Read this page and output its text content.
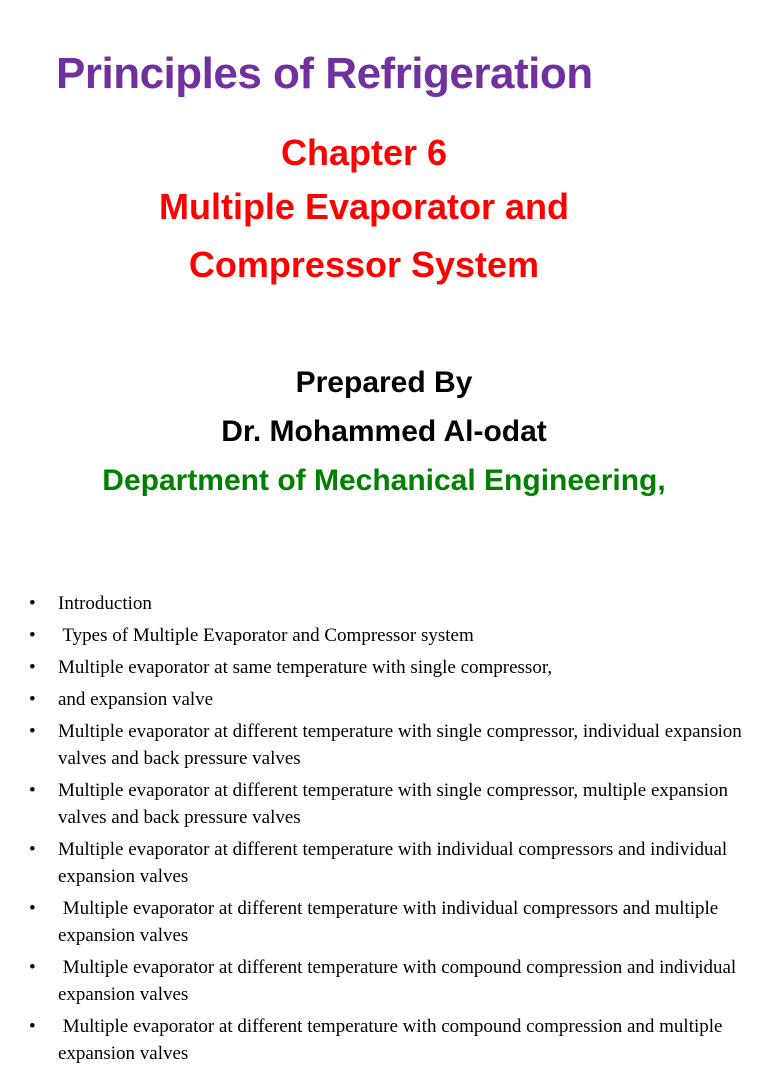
Principles of Refrigeration
Chapter 6
Multiple Evaporator and
Compressor System
Prepared By
Dr. Mohammed Al-odat
Department of Mechanical Engineering,
• Introduction
• Types of Multiple Evaporator and Compressor system
• Multiple evaporator at same temperature with single compressor,
• and expansion valve
• Multiple evaporator at different temperature with single compressor, individual expansion valves and back pressure valves
• Multiple evaporator at different temperature with single compressor, multiple expansion valves and back pressure valves
• Multiple evaporator at different temperature with individual compressors and individual expansion valves
• Multiple evaporator at different temperature with individual compressors and multiple expansion valves
• Multiple evaporator at different temperature with compound compression and individual expansion valves
• Multiple evaporator at different temperature with compound compression and multiple expansion valves
